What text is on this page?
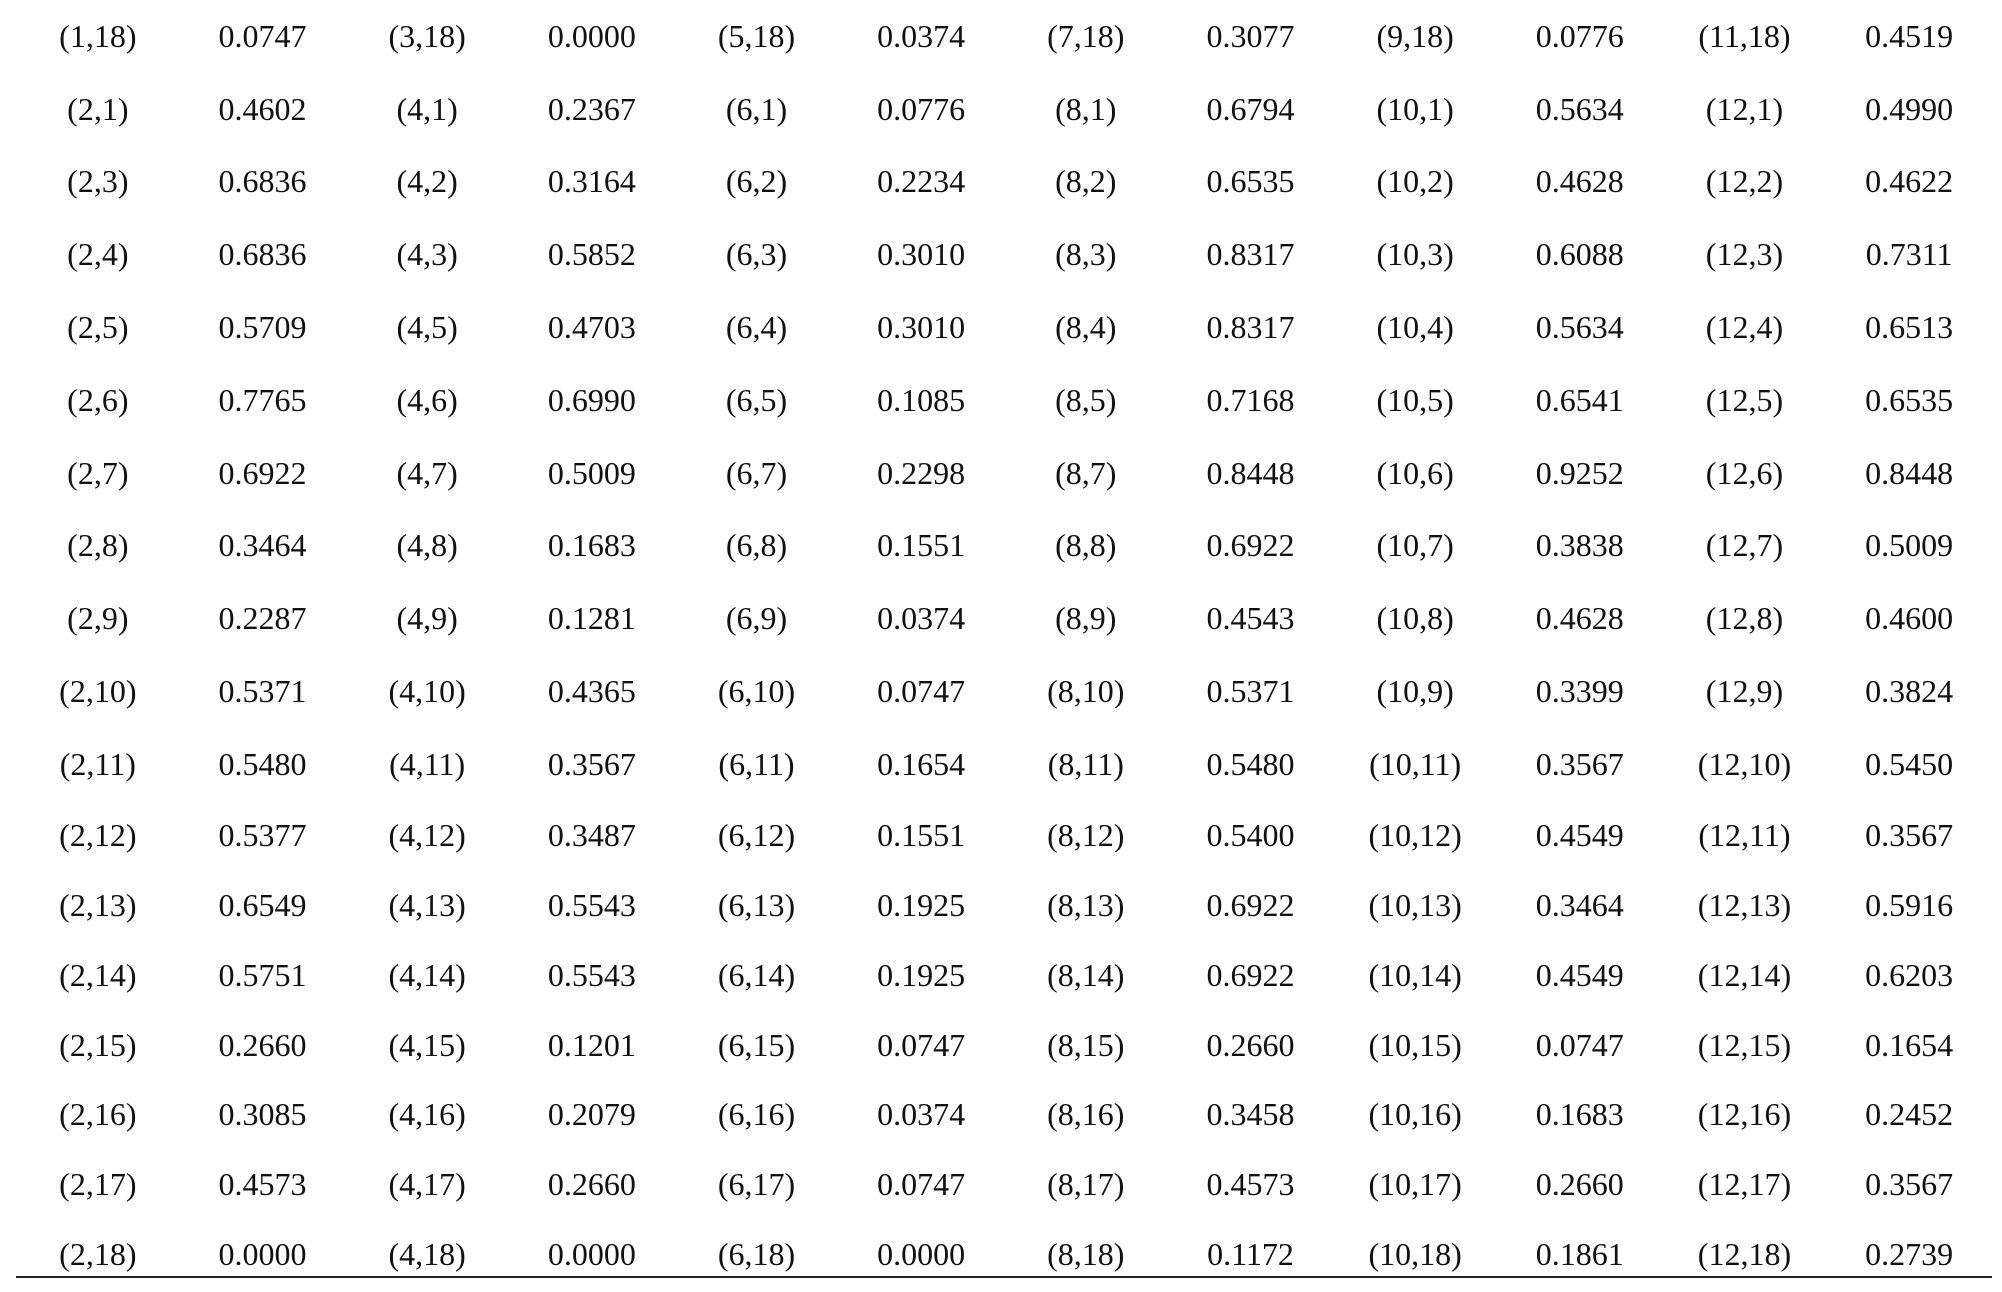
(1,18)	0.0747	(3,18)	0.0000	(5,18)	0.0374	(7,18)	0.3077	(9,18)	0.0776	(11,18)	0.4519
(2,1)	0.4602	(4,1)	0.2367	(6,1)	0.0776	(8,1)	0.6794	(10,1)	0.5634	(12,1)	0.4990
(2,3)	0.6836	(4,2)	0.3164	(6,2)	0.2234	(8,2)	0.6535	(10,2)	0.4628	(12,2)	0.4622
(2,4)	0.6836	(4,3)	0.5852	(6,3)	0.3010	(8,3)	0.8317	(10,3)	0.6088	(12,3)	0.7311
(2,5)	0.5709	(4,5)	0.4703	(6,4)	0.3010	(8,4)	0.8317	(10,4)	0.5634	(12,4)	0.6513
(2,6)	0.7765	(4,6)	0.6990	(6,5)	0.1085	(8,5)	0.7168	(10,5)	0.6541	(12,5)	0.6535
(2,7)	0.6922	(4,7)	0.5009	(6,7)	0.2298	(8,7)	0.8448	(10,6)	0.9252	(12,6)	0.8448
(2,8)	0.3464	(4,8)	0.1683	(6,8)	0.1551	(8,8)	0.6922	(10,7)	0.3838	(12,7)	0.5009
(2,9)	0.2287	(4,9)	0.1281	(6,9)	0.0374	(8,9)	0.4543	(10,8)	0.4628	(12,8)	0.4600
(2,10)	0.5371	(4,10)	0.4365	(6,10)	0.0747	(8,10)	0.5371	(10,9)	0.3399	(12,9)	0.3824
(2,11)	0.5480	(4,11)	0.3567	(6,11)	0.1654	(8,11)	0.5480	(10,11)	0.3567	(12,10)	0.5450
(2,12)	0.5377	(4,12)	0.3487	(6,12)	0.1551	(8,12)	0.5400	(10,12)	0.4549	(12,11)	0.3567
(2,13)	0.6549	(4,13)	0.5543	(6,13)	0.1925	(8,13)	0.6922	(10,13)	0.3464	(12,13)	0.5916
(2,14)	0.5751	(4,14)	0.5543	(6,14)	0.1925	(8,14)	0.6922	(10,14)	0.4549	(12,14)	0.6203
(2,15)	0.2660	(4,15)	0.1201	(6,15)	0.0747	(8,15)	0.2660	(10,15)	0.0747	(12,15)	0.1654
(2,16)	0.3085	(4,16)	0.2079	(6,16)	0.0374	(8,16)	0.3458	(10,16)	0.1683	(12,16)	0.2452
(2,17)	0.4573	(4,17)	0.2660	(6,17)	0.0747	(8,17)	0.4573	(10,17)	0.2660	(12,17)	0.3567
(2,18)	0.0000	(4,18)	0.0000	(6,18)	0.0000	(8,18)	0.1172	(10,18)	0.1861	(12,18)	0.2739
